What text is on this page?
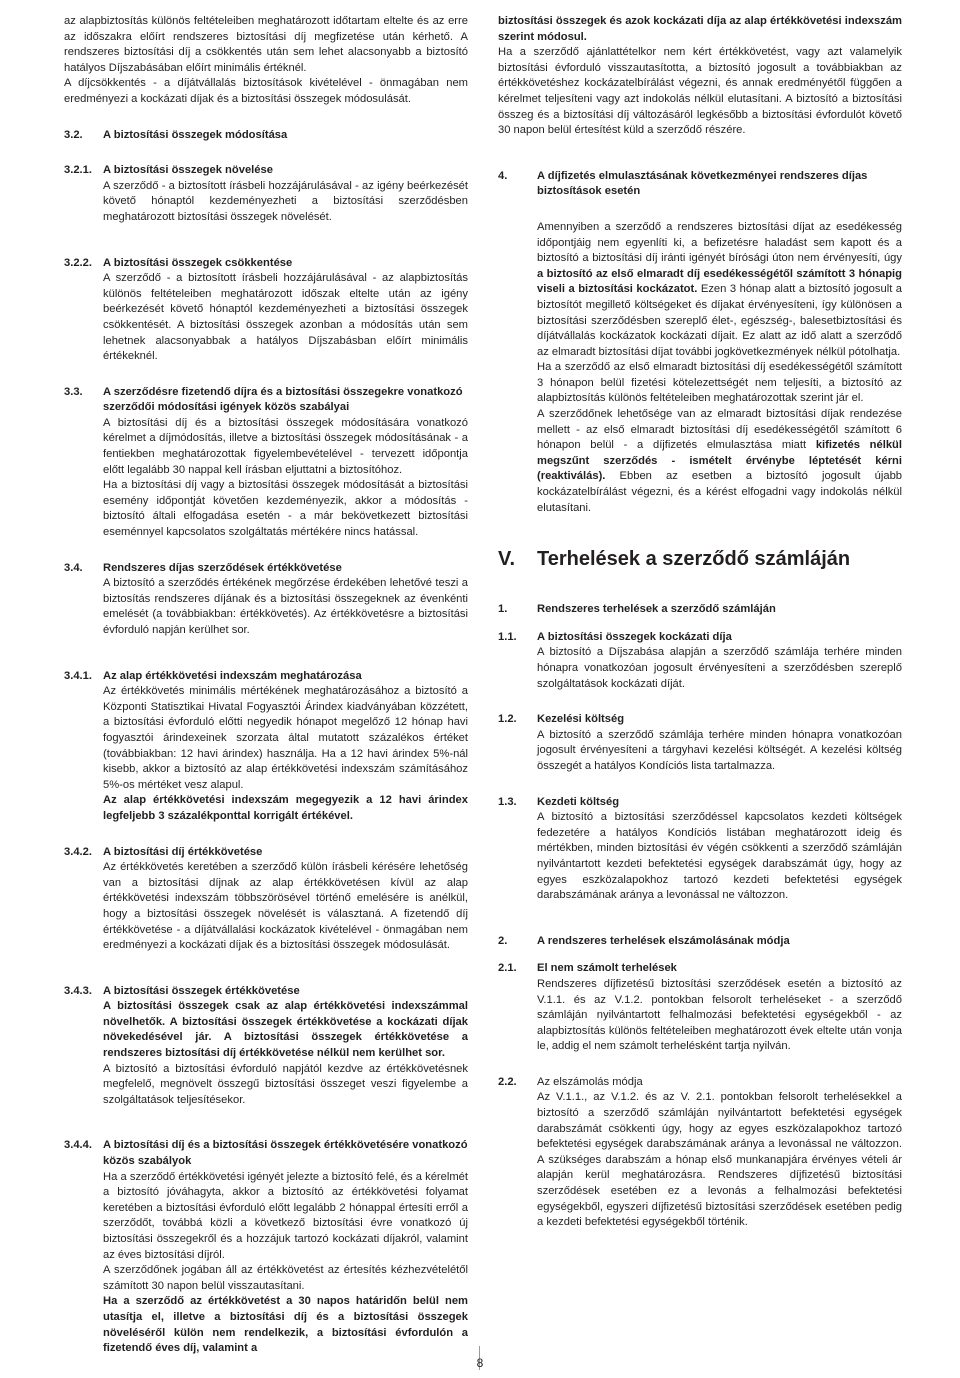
az alapbiztosítás különös feltételeiben meghatározott időtartam eltelte és az erre az időszakra előírt rendszeres biztosítási díj megfizetése után kérhető. A rendszeres biztosítási díj a csökkentés után sem lehet alacsonyabb a biztosító hatályos Díjszabásában előírt minimális értéknél.

A díjcsökkentés - a díjátvállalás biztosítások kivételével - önmagában nem eredményezi a kockázati díjak és a biztosítási összegek módosulását.

3.2. A biztosítási összegek módosítása
3.2.1. A biztosítási összegek növelése

A szerződő - a biztosított írásbeli hozzájárulásával - az igény beérkezését követő hónaptól kezdeményezheti a biztosítási szerződésben meghatározott biztosítási összegek növelését.

3.2.2. A biztosítási összegek csökkentése

A szerződő - a biztosított írásbeli hozzájárulásával - az alapbiztosítás különös feltételeiben meghatározott időszak eltelte után az igény beérkezését követő hónaptól kezdeményezheti a biztosítási összegek csökkentését. A biztosítási összegek azonban a módosítás után sem lehetnek alacsonyabbak a hatályos Díjszabásban előírt minimális értékeknél.

3.3. A szerződésre fizetendő díjra és a biztosítási összegekre vonatkozó szerződői módosítási igények közös szabályai

A biztosítási díj és a biztosítási összegek módosítására vonatkozó kérelmet a díjmódosítás, illetve a biztosítási összegek módosításának - a fentiekben meghatározottak figyelembevételével - tervezett időpontja előtt legalább 30 nappal kell írásban eljuttatni a biztosítóhoz.

Ha a biztosítási díj vagy a biztosítási összegek módosítását a biztosítási esemény időpontját követően kezdeményezik, akkor a módosítás - biztosító általi elfogadása esetén - a már bekövetkezett biztosítási eseménnyel kapcsolatos szolgáltatás mértékére nincs hatással.

3.4. Rendszeres díjas szerződések értékkövetése

A biztosító a szerződés értékének megőrzése érdekében lehetővé teszi a biztosítás rendszeres díjának és a biztosítási összegeknek az évenkénti emelését (a továbbiakban: értékkövetés). Az értékkövetésre a biztosítási évforduló napján kerülhet sor.

3.4.1. Az alap értékkövetési indexszám meghatározása

Az értékkövetés minimális mértékének meghatározásához a biztosító a Központi Statisztikai Hivatal Fogyasztói Árindex kiadványában közzétett, a biztosítási évforduló előtti negyedik hónapot megelőző 12 hónap havi fogyasztói árindexeinek szorzata által mutatott százalékos értéket (továbbiakban: 12 havi árindex) használja. Ha a 12 havi árindex 5%-nál kisebb, akkor a biztosító az alap értékkövetési indexszám számításához 5%-os mértéket vesz alapul.

Az alap értékkövetési indexszám megegyezik a 12 havi árindex legfeljebb 3 százalékponttal korrigált értékével.

3.4.2. A biztosítási díj értékkövetése

Az értékkövetés keretében a szerződő külön írásbeli kérésére lehetőség van a biztosítási díjnak az alap értékkövetésen kívül az alap értékkövetési indexszám többszörösével történő emelésére is anélkül, hogy a biztosítási összegek növelését is választaná. A fizetendő díj értékkövetése - a díjátvállalási kockázatok kivételével - önmagában nem eredményezi a kockázati díjak és a biztosítási összegek módosulását.

3.4.3. A biztosítási összegek értékkövetése

A biztosítási összegek csak az alap értékkövetési indexszámmal növelhetők. A biztosítási összegek értékkövetése a kockázati díjak növekedésével jár. A biztosítási összegek értékkövetése a rendszeres biztosítási díj értékkövetése nélkül nem kerülhet sor.

A biztosító a biztosítási évforduló napjától kezdve az értékkövetésnek megfelelő, megnövelt összegű biztosítási összeget veszi figyelembe a szolgáltatások teljesítésekor.

3.4.4. A biztosítási díj és a biztosítási összegek értékkövetésére vonatkozó közös szabályok

Ha a szerződő értékkövetési igényét jelezte a biztosító felé, és a kérelmét a biztosító jóváhagyta, akkor a biztosító az értékkövetési folyamat keretében a biztosítási évforduló előtt legalább 2 hónappal értesíti erről a szerződőt, továbbá közli a következő biztosítási évre vonatkozó új biztosítási összegekről és a hozzájuk tartozó kockázati díjakról, valamint az éves biztosítási díjról.

A szerződőnek jogában áll az értékkövetést az értesítés kézhezvételétől számított 30 napon belül visszautasítani.

Ha a szerződő az értékkövetést a 30 napos határidőn belül nem utasítja el, illetve a biztosítási díj és a biztosítási összegek növeléséről külön nem rendelkezik, a biztosítási évfordulón a fizetendő éves díj, valamint a

biztosítási összegek és azok kockázati díja az alap értékkövetési indexszám szerint módosul.

Ha a szerződő ajánlattételkor nem kért értékkövetést, vagy azt valamelyik biztosítási évforduló visszautasította, a biztosító jogosult a továbbiakban az értékkövetéshez kockázatelbírálást végezni, és annak eredményétől függően a kérelmet teljesíteni vagy azt indokolás nélkül elutasítani. A biztosító a biztosítási összeg és a biztosítási díj változásáról legkésőbb a biztosítási évfordulót követő 30 napon belül értesítést küld a szerződő részére.

4.	A díjfizetés elmulasztásának következményei rendszeres díjas biztosítások esetén

Amennyiben a szerződő a rendszeres biztosítási díjat az esedékesség időpontjáig nem egyenlíti ki, a befizetésre haladást sem kapott és a biztosító a biztosítási díj iránti igényét bírósági úton nem érvényesíti, úgy a biztosító az első elmaradt díj esedékességétől számított 3 hónapig viseli a biztosítási kockázatot. Ezen 3 hónap alatt a biztosító jogosult a biztosítót megillető költségeket és díjakat érvényesíteni, így különösen a biztosítási szerződésben szereplő élet-, egészség-, balesetbiztosítási és díjátvállalás kockázatok kockázati díjait. Ez alatt az idő alatt a szerződő az elmaradt biztosítási díjat további jogkövetkezmények nélkül pótolhatja.

Ha a szerződő az első elmaradt biztosítási díj esedékességétől számított 3 hónapon belül fizetési kötelezettségét nem teljesíti, a biztosító az alapbiztosítás különös feltételeiben meghatározottak szerint jár el.

A szerződőnek lehetősége van az elmaradt biztosítási díjak rendezése mellett - az első elmaradt biztosítási díj esedékességétől számított 6 hónapon belül - a díjfizetés elmulasztása miatt kifizetés nélkül megszűnt szerződés - ismételt érvénybe léptetését kérni (reaktiválás). Ebben az esetben a biztosító jogosult újabb kockázatelbírálást végezni, és a kérést elfogadni vagy indokolás nélkül elutasítani.

V. Terhelések a szerződő számláján
1.	Rendszeres terhelések a szerződő számláján
1.1. A biztosítási összegek kockázati díja

A biztosító a Díjszabása alapján a szerződő számlája terhére minden hónapra vonatkozóan jogosult érvényesíteni a szerződésben szereplő szolgáltatások kockázati díját.

1.2. Kezelési költség

A biztosító a szerződő számlája terhére minden hónapra vonatkozóan jogosult érvényesíteni a tárgyhavi kezelési költségét. A kezelési költség összegét a hatályos Kondíciós lista tartalmazza.

1.3. Kezdeti költség

A biztosító a biztosítási szerződéssel kapcsolatos kezdeti költségek fedezetére a hatályos Kondíciós listában meghatározott ideig és mértékben, minden biztosítási év végén csökkenti a szerződő számláján nyilvántartott kezdeti befektetési egységek darabszámát úgy, hogy az egyes eszközalapokhoz tartozó kezdeti befektetési egységek darabszámának aránya a levonással ne változzon.

2.	A rendszeres terhelések elszámolásának módja
2.1. El nem számolt terhelések

Rendszeres díjfizetésű biztosítási szerződések esetén a biztosító az V.1.1. és az V.1.2. pontokban felsorolt terheléseket - a szerződő számláján nyilvántartott felhalmozási befektetési egységekből - az alapbiztosítás különös feltételeiben meghatározott évek eltelte után vonja le, addig el nem számolt terhelésként tartja nyilván.

2.2. Az elszámolás módja

Az V.1.1., az V.1.2. és az V. 2.1. pontokban felsorolt terhelésekkel a biztosító a szerződő számláján nyilvántartott befektetési egységek darabszámát csökkenti úgy, hogy az egyes eszközalapokhoz tartozó befektetési egységek darabszámának aránya a levonással ne változzon. A szükséges darabszám a hónap első munkanapjára érvényes vételi ár alapján kerül meghatározásra. Rendszeres díjfizetésű biztosítási szerződések esetében ez a levonás a felhalmozási befektetési egységekből, egyszeri díjfizetésű biztosítási szerződések esetében pedig a kezdeti befektetési egységekből történik.

8
